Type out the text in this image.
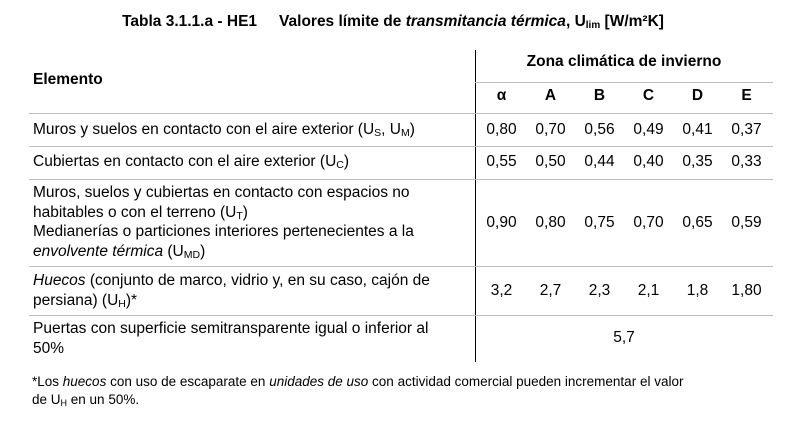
Tabla 3.1.1.a - HE1 Valores límite de transmitancia térmica, $U_{lim}$ [W/m²K]
Elemento
Zona climática de invierno
α	A	B	C	D	E
Muros y suelos en contacto con el aire exterior ($U_S$, $U_M$)	0,80	0,70	0,56	0,49	0,41	0,37
Cubiertas en contacto con el aire exterior $(U_C)$	0,55	0,50	0,44	0,40	0,35	0,33
Muros, suelos y cubiertas en contacto con espacios no
habitables o con el terreno $(U_T)$
Medianerías o particiones interiores pertenecientes a la
envolvente térmica $(U_{MD})$
0,90	0,80	0,75	0,70	0,65	0,59
Huecos (conjunto de marco, vidrio y, en su caso, cajón de
persiana) $(U_H)*$
3,2	2,7	2,3	2,1	1,8	1,80
Puertas con superficie semitransparente igual o inferior al
50%
5,7
*Los huecos con uso de escaparate en unidades de uso con actividad comercial pueden incrementar el valor
de $U_H$ en un 50%.
